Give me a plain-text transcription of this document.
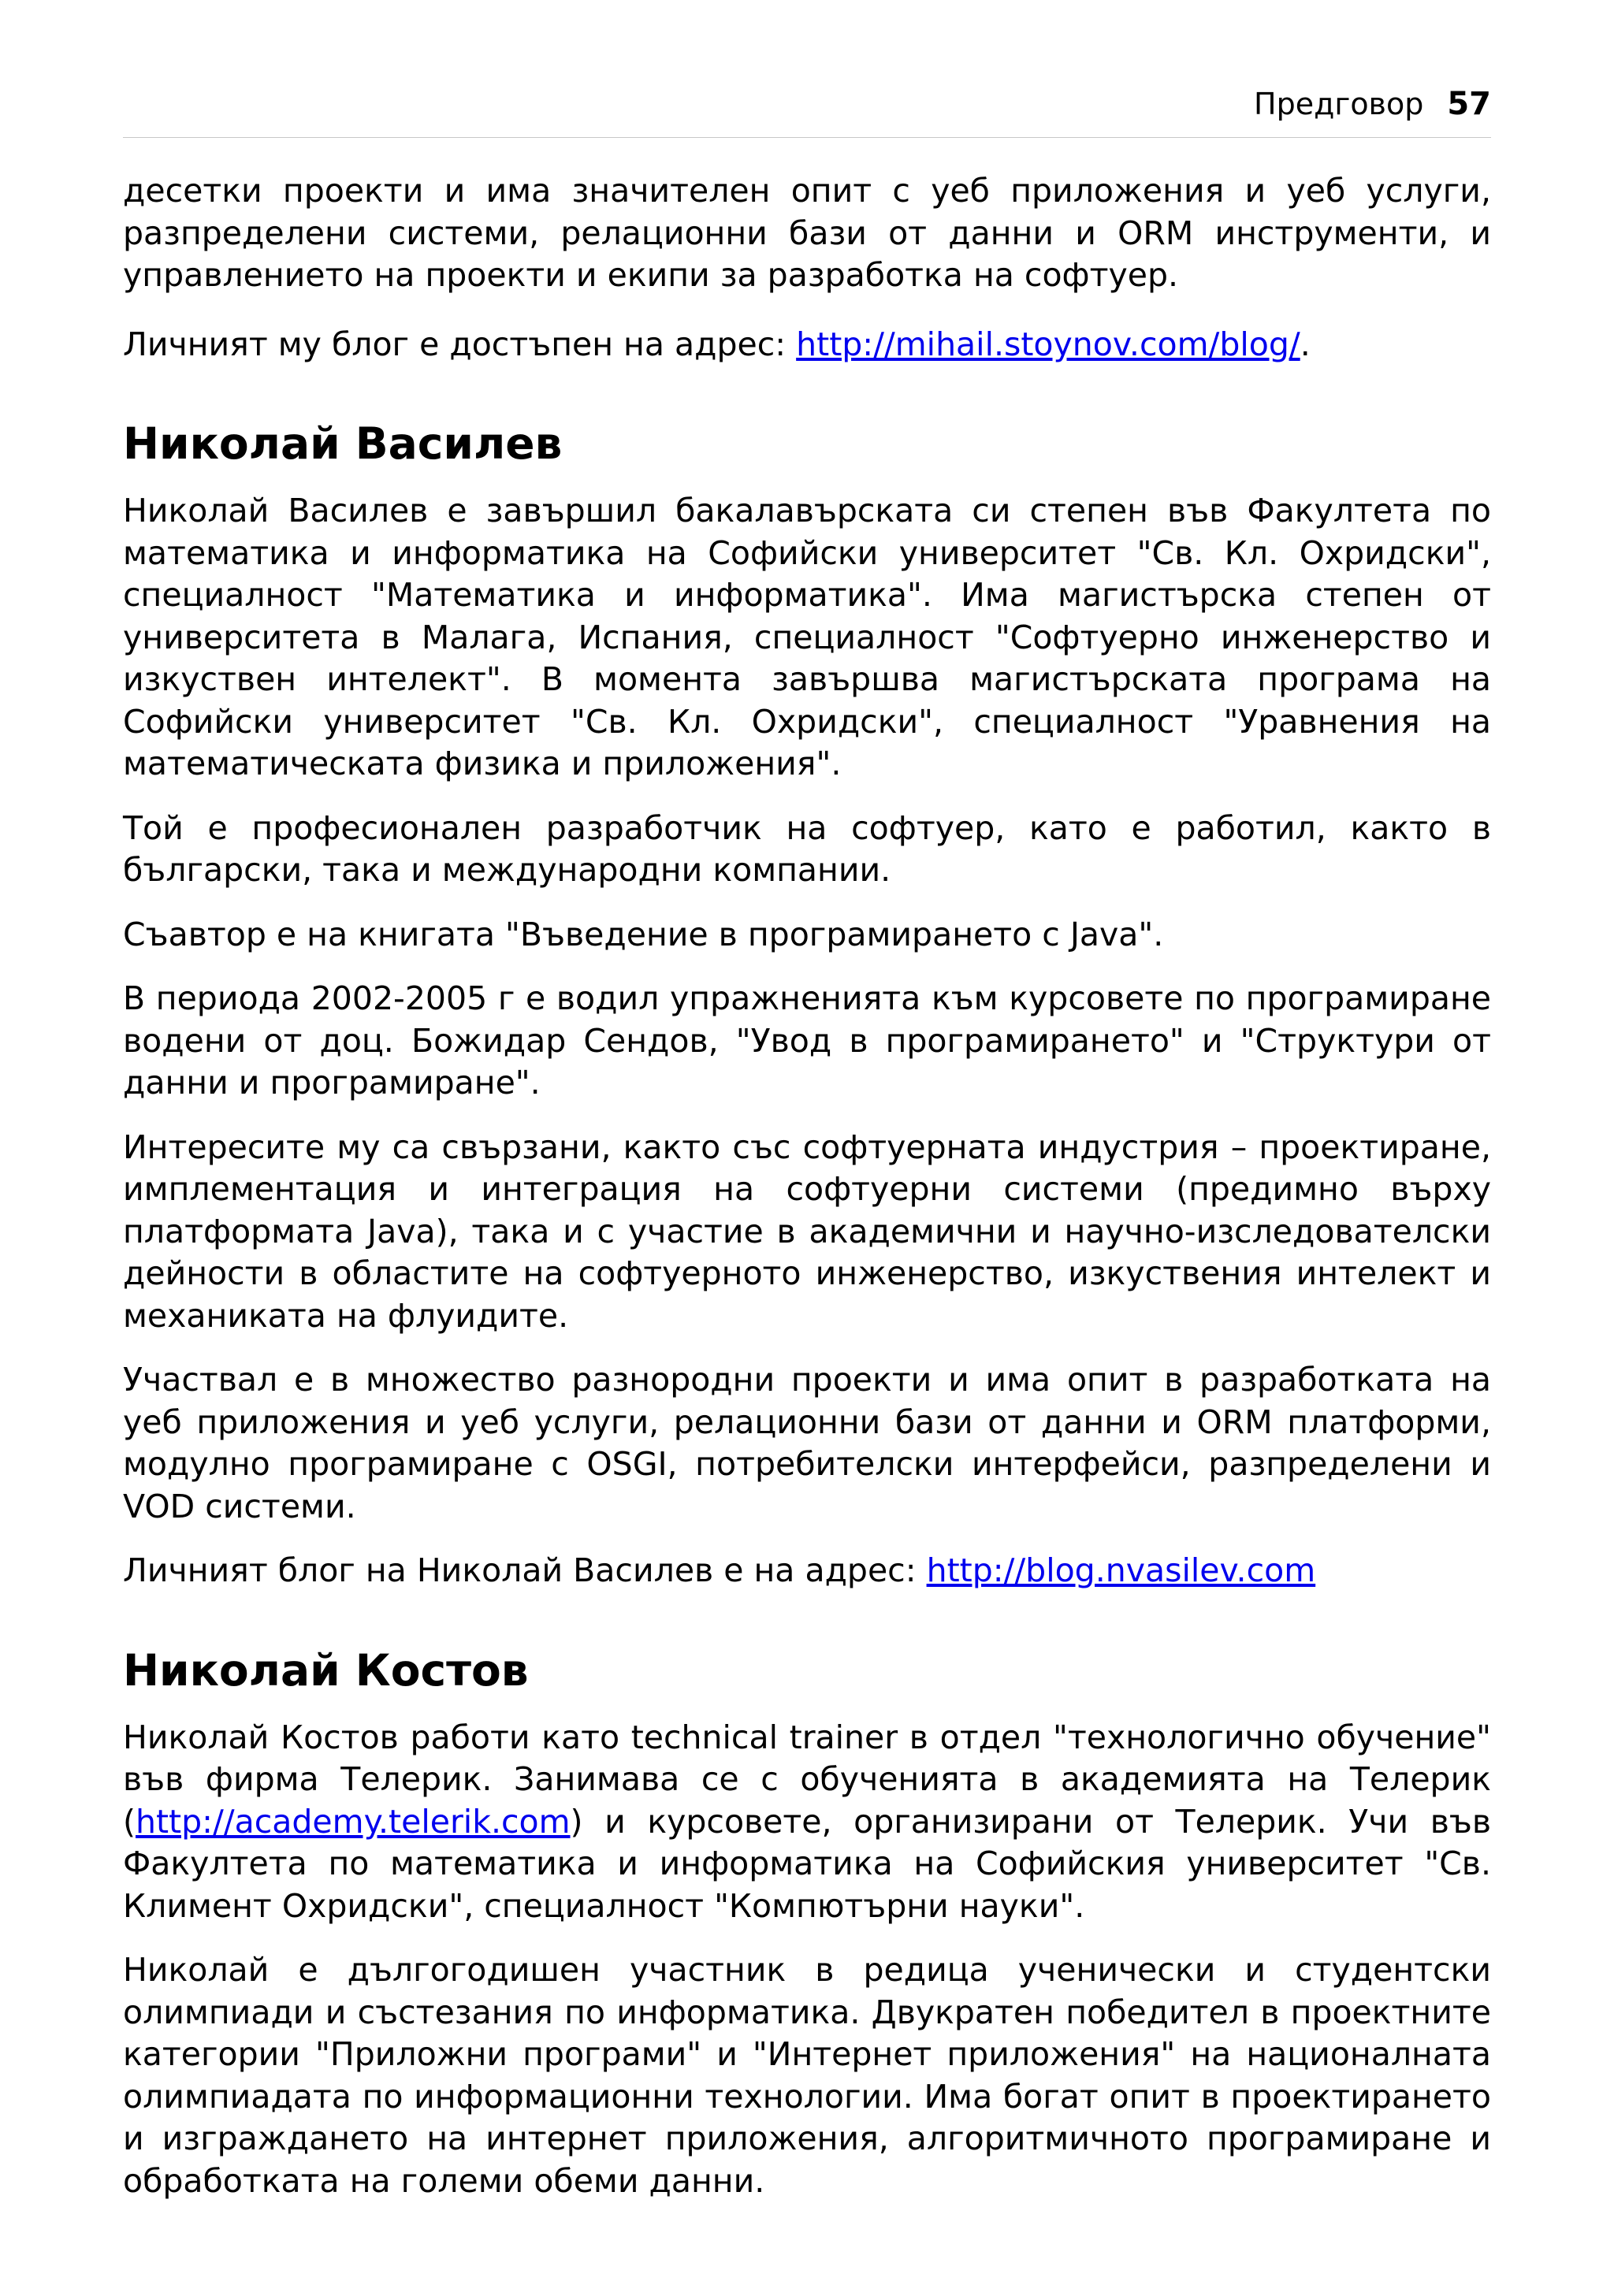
Предговор 57

десетки проекти и има значителен опит с уеб приложения и уеб услуги, разпределени системи, релационни бази от данни и ORM инструменти, и управлението на проекти и екипи за разработка на софтуер.

Личният му блог е достъпен на адрес: http://mihail.stoynov.com/blog/.

Николай Василев

Николай Василев е завършил бакалавърската си степен във Факултета по математика и информатика на Софийски университет "Св. Кл. Охридски", специалност "Математика и информатика". Има магистърска степен от университета в Малага, Испания, специалност "Софтуерно инженерство и изкуствен интелект". В момента завършва магистърската програма на Софийски университет "Св. Кл. Охридски", специалност "Уравнения на математическата физика и приложения".

Той е професионален разработчик на софтуер, като е работил, както в български, така и международни компании.

Съавтор е на книгата "Въведение в програмирането с Java".

В периода 2002-2005 г е водил упражненията към курсовете по програмиране водени от доц. Божидар Сендов, "Увод в програмирането" и "Структури от данни и програмиране".

Интересите му са свързани, както със софтуерната индустрия – проектиране, имплементация и интеграция на софтуерни системи (предимно върху платформата Java), така и с участие в академични и научно-изследователски дейности в областите на софтуерното инженерство, изкуствения интелект и механиката на флуидите.

Участвал е в множество разнородни проекти и има опит в разработката на уеб приложения и уеб услуги, релационни бази от данни и ORM платформи, модулно програмиране с OSGI, потребителски интерфейси, разпределени и VOD системи.

Личният блог на Николай Василев е на адрес: http://blog.nvasilev.com

Николай Костов

Николай Костов работи като technical trainer в отдел "технологично обучение" във фирма Телерик. Занимава се с обученията в академията на Телерик (http://academy.telerik.com) и курсовете, организирани от Телерик. Учи във Факултета по математика и информатика на Софийския университет "Св. Климент Охридски", специалност "Компютърни науки".

Николай е дългогодишен участник в редица ученически и студентски олимпиади и състезания по информатика. Двукратен победител в проектните категории "Приложни програми" и "Интернет приложения" на националната олимпиадата по информационни технологии. Има богат опит в проектирането и изграждането на интернет приложения, алгоритмичното програмиране и обработката на големи обеми данни.
